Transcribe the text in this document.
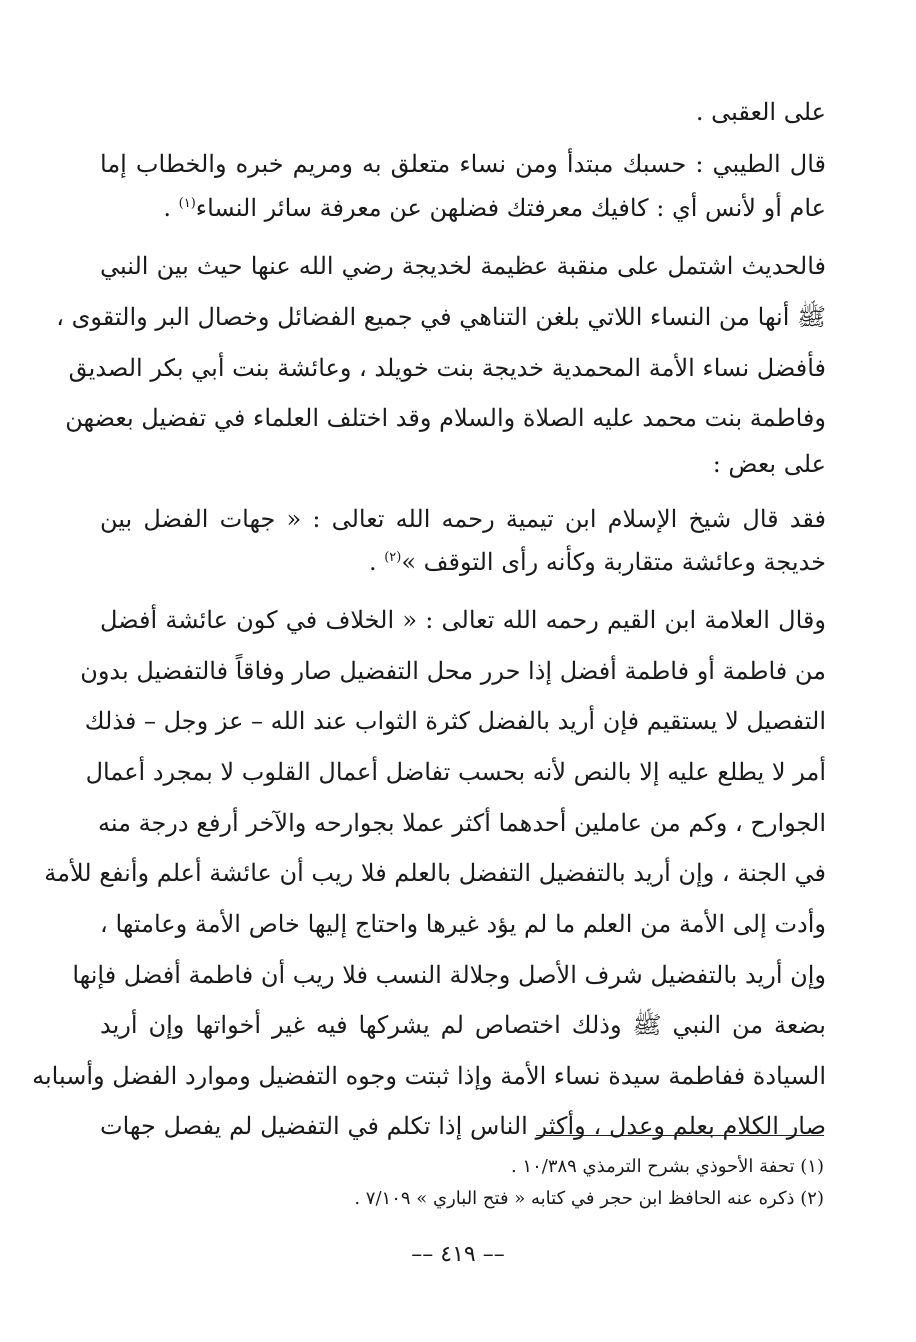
على العقبى .
قال الطيبي : حسبك مبتدأ ومن نساء متعلق به ومريم خبره والخطاب إما
عام أو لأنس أي : كافيك معرفتك فضلهن عن معرفة سائر النساء$^{(١)}$ .
فالحديث اشتمل على منقبة عظيمة لخديجة رضي الله عنها حيث بين النبي
ﷺ أنها من النساء اللاتي بلغن التناهي في جميع الفضائل وخصال البر والتقوى ،
فأفضل نساء الأمة المحمدية خديجة بنت خويلد ، وعائشة بنت أبي بكر الصديق
وفاطمة بنت محمد عليه الصلاة والسلام وقد اختلف العلماء في تفضيل بعضهن
على بعض :
فقد قال شيخ الإسلام ابن تيمية رحمه الله تعالى : « جهات الفضل بين
خديجة وعائشة متقاربة وكأنه رأى التوقف »$^{(٢)}$ .
وقال العلامة ابن القيم رحمه الله تعالى : « الخلاف في كون عائشة أفضل
من فاطمة أو فاطمة أفضل إذا حرر محل التفضيل صار وفاقاً فالتفضيل بدون
التفصيل لا يستقيم فإن أريد بالفضل كثرة الثواب عند الله – عز وجل – فذلك
أمر لا يطلع عليه إلا بالنص لأنه بحسب تفاضل أعمال القلوب لا بمجرد أعمال
الجوارح ، وكم من عاملين أحدهما أكثر عملا بجوارحه والآخر أرفع درجة منه
في الجنة ، وإن أريد بالتفضيل التفضل بالعلم فلا ريب أن عائشة أعلم وأنفع للأمة
وأدت إلى الأمة من العلم ما لم يؤد غيرها واحتاج إليها خاص الأمة وعامتها ،
وإن أريد بالتفضيل شرف الأصل وجلالة النسب فلا ريب أن فاطمة أفضل فإنها
بضعة من النبي ﷺ وذلك اختصاص لم يشركها فيه غير أخواتها وإن أريد
السيادة ففاطمة سيدة نساء الأمة وإذا ثبتت وجوه التفضيل وموارد الفضل وأسبابه
صار الكلام بعلم وعدل ، وأكثر الناس إذا تكلم في التفضيل لم يفصل جهات
(١) تحفة الأحوذي بشرح الترمذي ١٠/٣٨٩ .
(٢) ذكره عنه الحافظ ابن حجر في كتابه « فتح الباري » ٧/١٠٩ .
–– ٤١٩ ––
